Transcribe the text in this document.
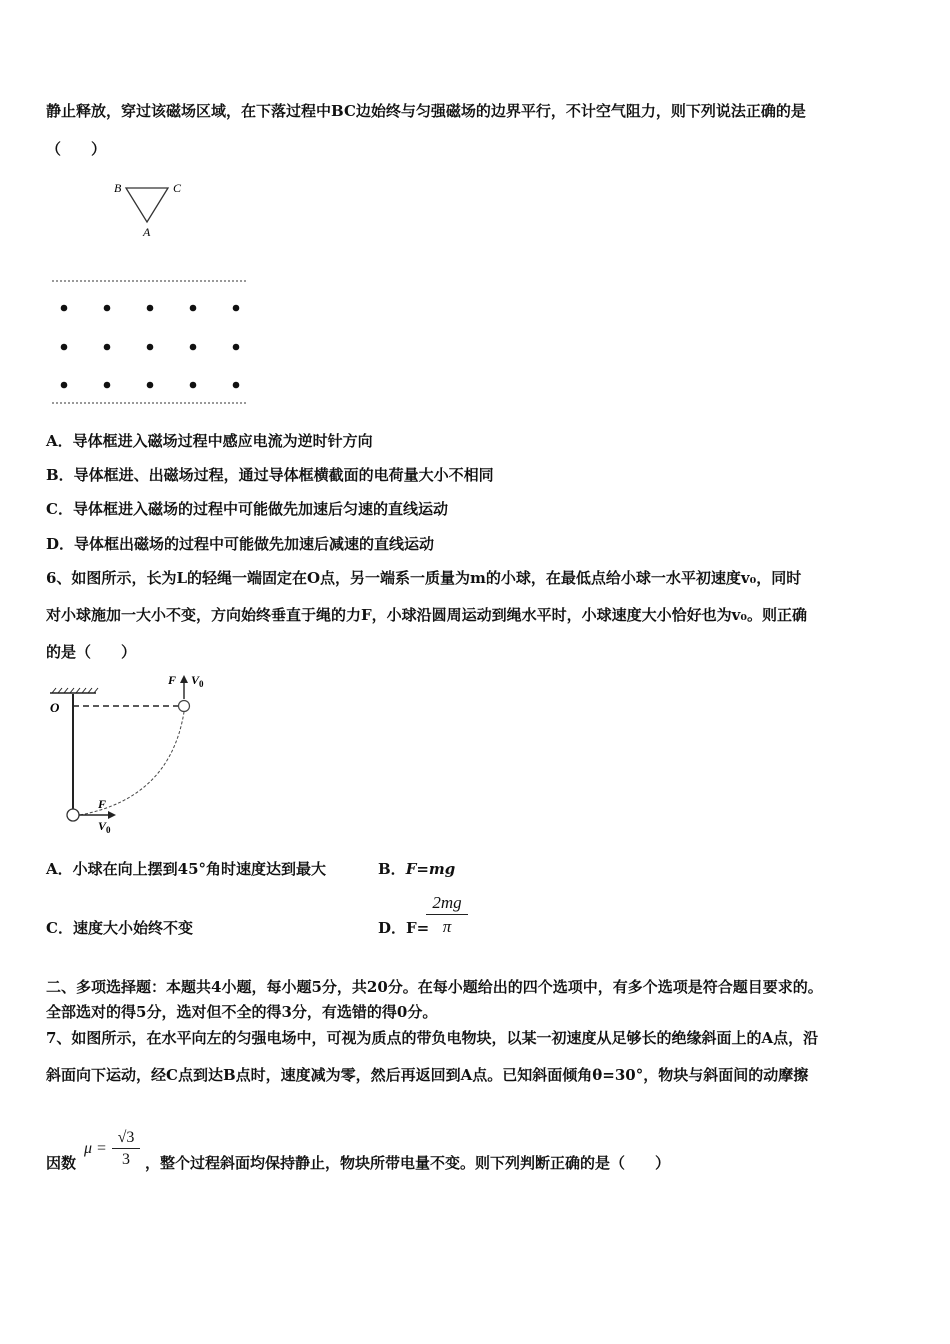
静止释放，穿过该磁场区域，在下落过程中BC边始终与匀强磁场的边界平行，不计空气阻力，则下列说法正确的是
（　　）
B	C
A
A．导体框进入磁场过程中感应电流为逆时针方向
B．导体框进、出磁场过程，通过导体框横截面的电荷量大小不相同
C．导体框进入磁场的过程中可能做先加速后匀速的直线运动
D．导体框出磁场的过程中可能做先加速后减速的直线运动
6、如图所示，长为L的轻绳一端固定在O点，另一端系一质量为m的小球，在最低点给小球一水平初速度v₀，同时
对小球施加一大小不变，方向始终垂直于绳的力F，小球沿圆周运动到绳水平时，小球速度大小恰好也为v₀。则正确
的是（　　）
O
F $V_0$
F
$V_0$
A．小球在向上摆到45°角时速度达到最大	B．F=mg
C．速度大小始终不变	D．F=
$\frac{2mg}{\pi}$
二、多项选择题：本题共4小题，每小题5分，共20分。在每小题给出的四个选项中，有多个选项是符合题目要求的。
全部选对的得5分，选对但不全的得3分，有选错的得0分。
7、如图所示，在水平向左的匀强电场中，可视为质点的带负电物块，以某一初速度从足够长的绝缘斜面上的A点，沿
斜面向下运动，经C点到达B点时，速度减为零，然后再返回到A点。已知斜面倾角θ=30°，物块与斜面间的动摩擦
因数
$\mu = \frac{√3}{3}$ ，整个过程斜面均保持静止，物块所带电量不变。则下列判断正确的是（　　）
